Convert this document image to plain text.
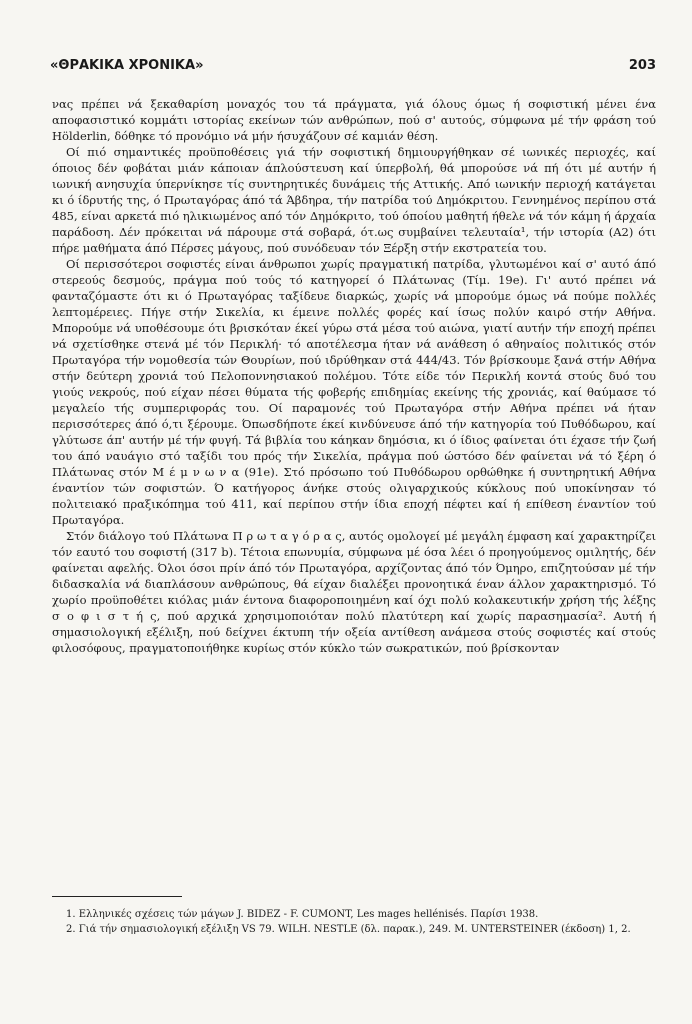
«ΘΡΑΚΙΚΑ ΧΡΟΝΙΚΑ»	203

νας πρέπει νά ξεκαθαρίση μοναχός του τά πράγματα, γιά όλους όμως ή σοφιστική μένει ένα αποφασιστικό κομμάτι ιστορίας εκείνων τών ανθρώπων, πού σ' αυτούς, σύμφωνα μέ τήν φράση τού Hölderlin, δόθηκε τό προνόμιο νά μήν ήσυχάζουν σέ καμιάν θέση.

Οί πιό σημαντικές προϋποθέσεις γιά τήν σοφιστική δημιουργήθηκαν σέ ιωνικές περιοχές, καί όποιος δέν φοβάται μιάν κάποιαν άπλούστευση καί ύπερβολή, θά μπορούσε νά πή ότι μέ αυτήν ή ιωνική ανησυχία ύπερνίκησε τίς συντηρητικές δυνάμεις τής Αττικής. Από ιωνικήν περιοχή κατάγεται κι ό ίδρυτής της, ό Πρωταγόρας άπό τά Άβδηρα, τήν πατρίδα τού Δημόκριτου. Γεννημένος περίπου στά 485, είναι αρκετά πιό ηλικιωμένος από τόν Δημόκριτο, τού όποίου μαθητή ήθελε νά τόν κάμη ή άρχαία παράδοση. Δέν πρόκειται νά πάρουμε στά σοβαρά, ότ.ως συμβαίνει τελευταία¹, τήν ιστορία (Α2) ότι πήρε μαθήματα άπό Πέρσες μάγους, πού συνόδευαν τόν Ξέρξη στήν εκστρατεία του.

Οί περισσότεροι σοφιστές είναι άνθρωποι χωρίς πραγματική πατρίδα, γλυτωμένοι καί σ' αυτό άπό στερεούς δεσμούς, πράγμα πού τούς τό κατηγορεί ό Πλάτωνας (Τίμ. 19e). Γι' αυτό πρέπει νά φανταζόμαστε ότι κι ό Πρωταγόρας ταξίδευε διαρκώς, χωρίς νά μπορούμε όμως νά πούμε πολλές λεπτομέρειες. Πήγε στήν Σικελία, κι έμεινε πολλές φορές καί ίσως πολύν καιρό στήν Αθήνα. Μπορούμε νά υποθέσουμε ότι βρισκόταν έκεί γύρω στά μέσα τού αιώνα, γιατί αυτήν τήν εποχή πρέπει νά σχετίσθηκε στενά μέ τόν Περικλή· τό αποτέλεσμα ήταν νά ανάθεση ό αθηναίος πολιτικός στόν Πρωταγόρα τήν νομοθεσία τών Θουρίων, πού ιδρύθηκαν στά 444/43. Τόν βρίσκουμε ξανά στήν Αθήνα στήν δεύτερη χρονιά τού Πελοποννησιακού πολέμου. Τότε είδε τόν Περικλή κοντά στούς δυό του γιούς νεκρούς, πού είχαν πέσει θύματα τής φοβερής επιδημίας εκείνης τής χρονιάς, καί θαύμασε τό μεγαλείο τής συμπεριφοράς του. Οί παραμονές τού Πρωταγόρα στήν Αθήνα πρέπει νά ήταν περισσότερες άπό ό,τι ξέρουμε. Όπωσδήποτε έκεί κινδύνευσε άπό τήν κατηγορία τού Πυθόδωρου, καί γλύτωσε άπ' αυτήν μέ τήν φυγή. Τά βιβλία του κάηκαν δημόσια, κι ό ίδιος φαίνεται ότι έχασε τήν ζωή του άπό ναυάγιο στό ταξίδι του πρός τήν Σικελία, πράγμα πού ώστόσο δέν φαίνεται νά τό ξέρη ό Πλάτωνας στόν Μ έ μ ν ω ν α (91e). Στό πρόσωπο τού Πυθόδωρου ορθώθηκε ή συντηρητική Αθήνα έναντίον τών σοφιστών. Ό κατήγορος άνήκε στούς ολιγαρχικούς κύκλους πού υποκίνησαν τό πολιτειακό πραξικόπημα τού 411, καί περίπου στήν ίδια εποχή πέφτει καί ή επίθεση έναντίον τού Πρωταγόρα.

Στόν διάλογο τού Πλάτωνα Π ρ ω τ α γ ό ρ α ς, αυτός ομολογεί μέ μεγάλη έμφαση καί χαρακτηρίζει τόν εαυτό του σοφιστή (317 b). Τέτοια επωνυμία, σύμφωνα μέ όσα λέει ό προηγούμενος ομιλητής, δέν φαίνεται αφελής. Όλοι όσοι πρίν άπό τόν Πρωταγόρα, αρχίζοντας άπό τόν Όμηρο, επιζητούσαν μέ τήν διδασκαλία νά διαπλάσουν ανθρώπους, θά είχαν διαλέξει προνοητικά έναν άλλον χαρακτηρισμό. Τό χωρίο προϋποθέτει κιόλας μιάν έντονα διαφοροποιημένη καί όχι πολύ κολακευτικήν χρήση τής λέξης σ ο φ ι σ τ ή ς, πού αρχικά χρησιμοποιόταν πολύ πλατύτερη καί χωρίς παρασημασία². Αυτή ή σημασιολογική εξέλιξη, πού δείχνει έκτυπη τήν οξεία αντίθεση ανάμεσα στούς σοφιστές καί στούς φιλοσόφους, πραγματοποιήθηκε κυρίως στόν κύκλο τών σωκρατικών, πού βρίσκονταν

1. Ελληνικές σχέσεις τών μάγων J. BIDEZ - F. CUMONT, Les mages hellénisés. Παρίσι 1938.

2. Γιά τήν σημασιολογική εξέλιξη VS 79. WILH. NESTLE (δλ. παρακ.), 249. M. UNTERSTEINER (έκδοση) 1, 2.
